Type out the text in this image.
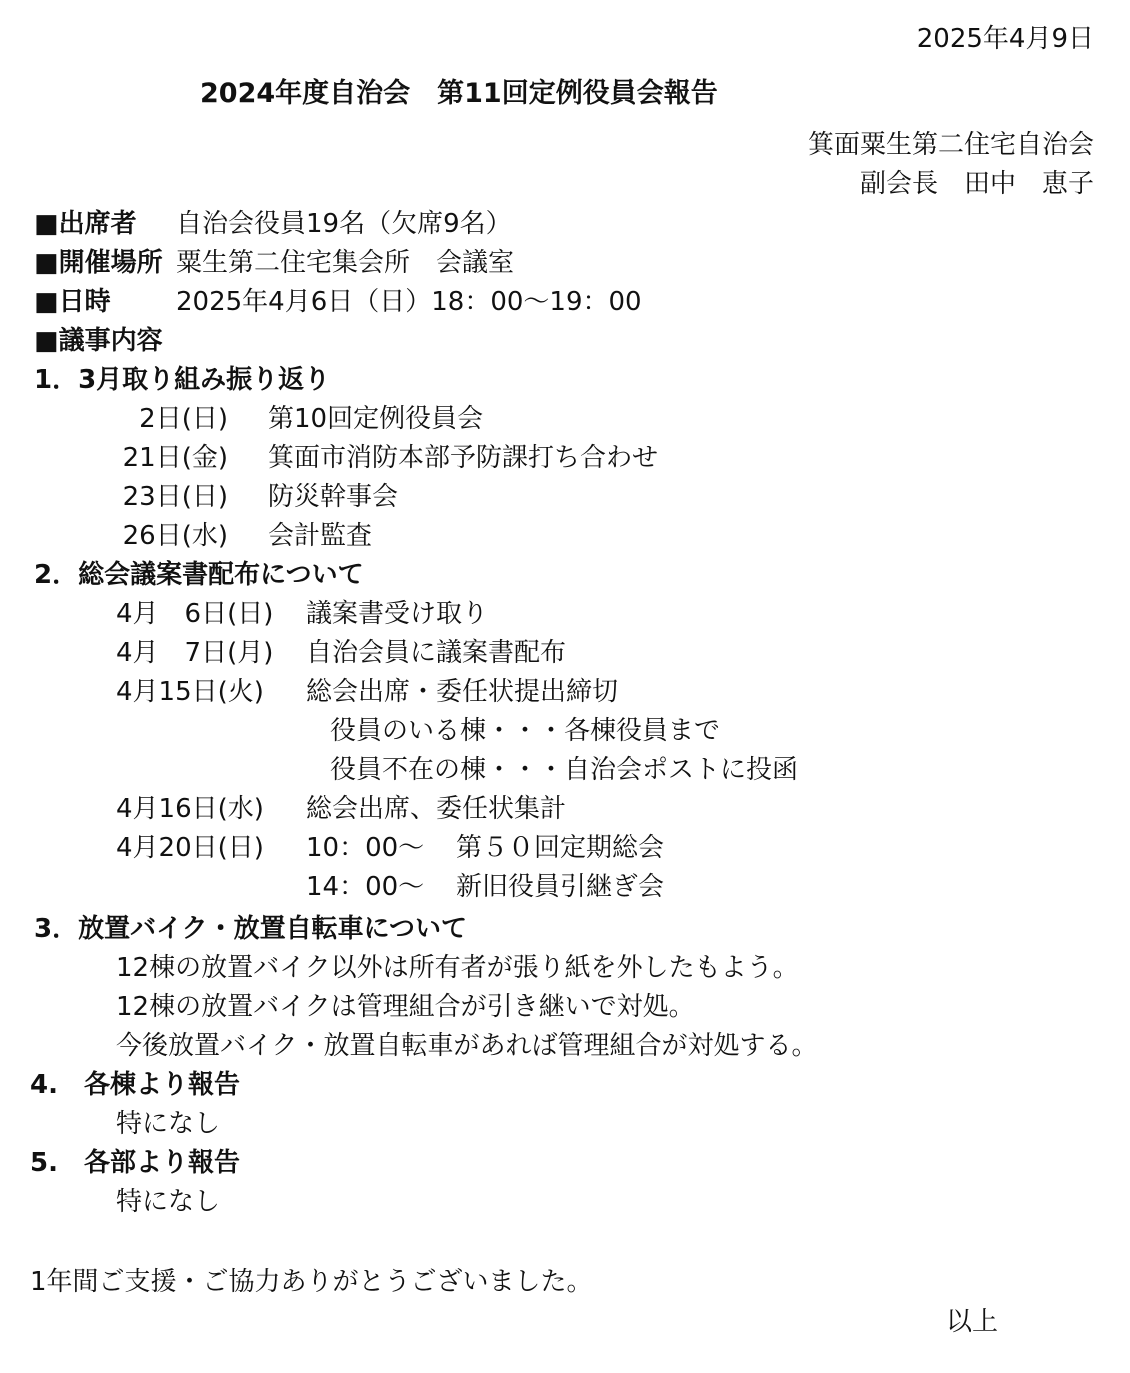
2025年4月9日
2024年度自治会　第11回定例役員会報告
箕面粟生第二住宅自治会
副会長　田中　恵子
■出席者 自治会役員19名（欠席9名）
■開催場所 粟生第二住宅集会所　会議室
■日時	2025年4月6日（日）18：00～19：00
■議事内容
1．3月取り組み振り返り
2日(日) 第10回定例役員会
21日(金) 箕面市消防本部予防課打ち合わせ
23日(日) 防災幹事会
26日(水) 会計監査
2．総会議案書配布について
4月　6日(日) 議案書受け取り
4月　7日(月) 自治会員に議案書配布
4月15日(火) 総会出席・委任状提出締切
役員のいる棟・・・各棟役員まで
役員不在の棟・・・自治会ポストに投函
4月16日(水) 総会出席、委任状集計
4月20日(日) 10：00～ 第５０回定期総会
14：00～ 新旧役員引継ぎ会
3．放置バイク・放置自転車について
12棟の放置バイク以外は所有者が張り紙を外したもよう。
12棟の放置バイクは管理組合が引き継いで対処。
今後放置バイク・放置自転車があれば管理組合が対処する。
4.　各棟より報告
特になし
5.　各部より報告
特になし
1年間ご支援・ご協力ありがとうございました。
以上
